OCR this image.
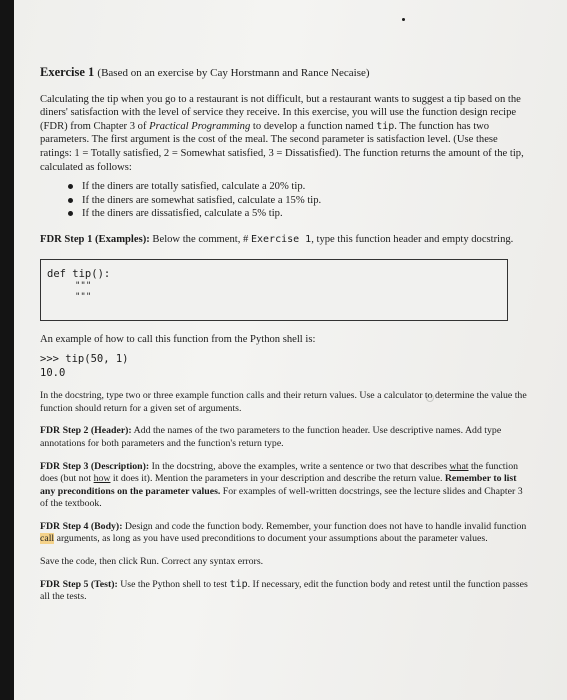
Exercise 1 (Based on an exercise by Cay Horstmann and Rance Necaise)

Calculating the tip when you go to a restaurant is not difficult, but a restaurant wants to suggest a tip based on the diners' satisfaction with the level of service they receive. In this exercise, you will use the function design recipe (FDR) from Chapter 3 of Practical Programming to develop a function named tip. The function has two parameters. The first argument is the cost of the meal. The second parameter is satisfaction level. (Use these ratings: 1 = Totally satisfied, 2 = Somewhat satisfied, 3 = Dissatisfied). The function returns the amount of the tip, calculated as follows:

If the diners are totally satisfied, calculate a 20% tip.
If the diners are somewhat satisfied, calculate a 15% tip.
If the diners are dissatisfied, calculate a 5% tip.

FDR Step 1 (Examples): Below the comment, # Exercise 1, type this function header and empty docstring.

def tip():
"""
"""

An example of how to call this function from the Python shell is:

>>> tip(50, 1)
10.0

In the docstring, type two or three example function calls and their return values. Use a calculator to determine the value the function should return for a given set of arguments.

FDR Step 2 (Header): Add the names of the two parameters to the function header. Use descriptive names. Add type annotations for both parameters and the function's return type.

FDR Step 3 (Description): In the docstring, above the examples, write a sentence or two that describes what the function does (but not how it does it). Mention the parameters in your description and describe the return value. Remember to list any preconditions on the parameter values. For examples of well-written docstrings, see the lecture slides and Chapter 3 of the textbook.

FDR Step 4 (Body): Design and code the function body. Remember, your function does not have to handle invalid function call arguments, as long as you have used preconditions to document your assumptions about the parameter values.

Save the code, then click Run. Correct any syntax errors.

FDR Step 5 (Test): Use the Python shell to test tip. If necessary, edit the function body and retest until the function passes all the tests.
